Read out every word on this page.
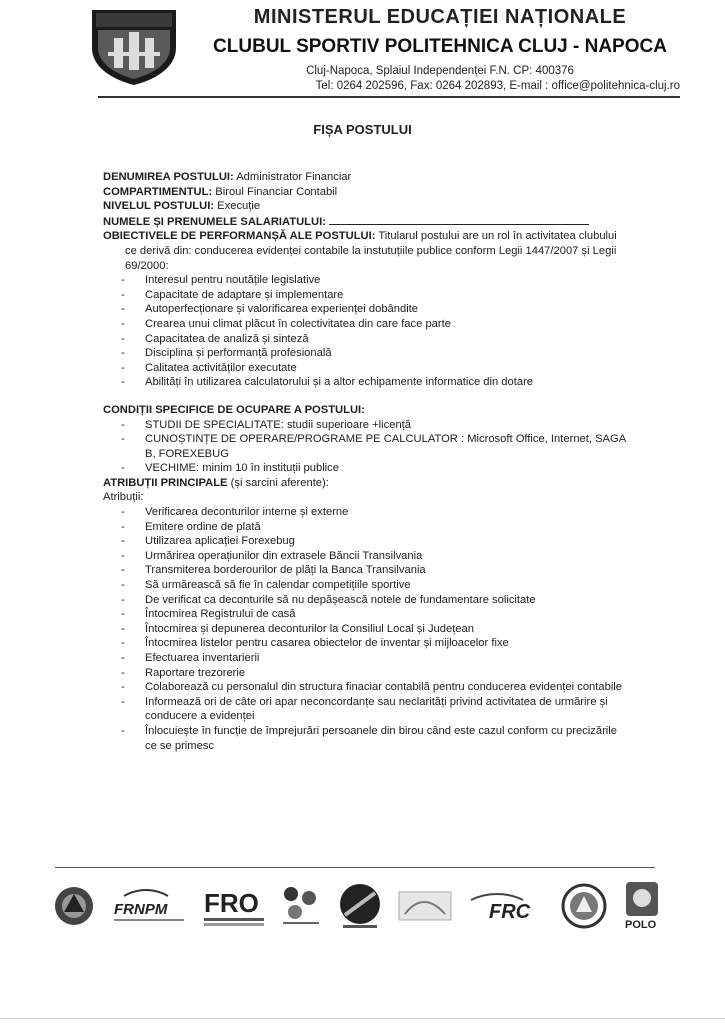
MINISTERUL EDUCAȚIEI NAȚIONALE
CLUBUL SPORTIV POLITEHNICA CLUJ - NAPOCA
Cluj-Napoca, Splaiul Independenței F.N. CP: 400376
Tel: 0264 202596, Fax: 0264 202893, E-mail : office@politehnica-cluj.ro
FIȘA POSTULUI
DENUMIREA POSTULUI: Administrator Financiar
COMPARTIMENTUL: Biroul Financiar Contabil
NIVELUL POSTULUI: Execuție
NUMELE ȘI PRENUMELE SALARIATULUI:
OBIECTIVELE DE PERFORMANȘĂ ALE POSTULUI: Titularul postului are un rol în activitatea clubului
ce derivă din: conducerea evidenței contabile la instutuțiile publice conform Legii 1447/2007 și Legii 69/2000:
- Interesul pentru noutățile legislative
- Capacitate de adaptare și implementare
- Autoperfecționare și valorificarea experienței dobândite
- Crearea unui climat plăcut în colectivitatea din care face parte
- Capacitatea de analiză și sinteză
- Disciplina și performanță profesională
- Calitatea activităților executate
- Abilități în utilizarea calculatorului și a altor echipamente informatice din dotare
CONDIȚII SPECIFICE DE OCUPARE A POSTULUI:
- STUDII DE SPECIALITATE: studii superioare +licență
- CUNOȘTINȚE DE OPERARE/PROGRAME PE CALCULATOR : Microsoft Office, Internet, SAGA B, FOREXEBUG
- VECHIME: minim 10 în instituții publice
ATRIBUȚII PRINCIPALE (și sarcini aferente):
Atribuții:
- Verificarea deconturilor interne și externe
- Emitere ordine de plată
- Utilizarea aplicației Forexebug
- Urmărirea operațiunilor din extrasele Băncii Transilvania
- Transmiterea borderourilor de plăți la Banca Transilvania
- Să urmărească să fie în calendar competițiile sportive
- De verificat ca deconturile să nu depășească notele de fundamentare solicitate
- Întocmirea Registrului de casă
- Întocmirea și depunerea deconturilor la Consiliul Local și Județean
- Întocmirea listelor pentru casarea obiectelor de inventar și mijloacelor fixe
- Efectuarea inventarierii
- Raportare trezorerie
- Colaborează cu personalul din structura finaciar contabilă pentru conducerea evidenței contabile
- Informează ori de câte ori apar neconcordanțe sau neclarități privind activitatea de urmărire și conducere a evidenței
- Înlocuiește în funcție de împrejurări persoanele din birou când este cazul conform cu precizările ce se primesc
FRNPM FRO	FRC
POLO
